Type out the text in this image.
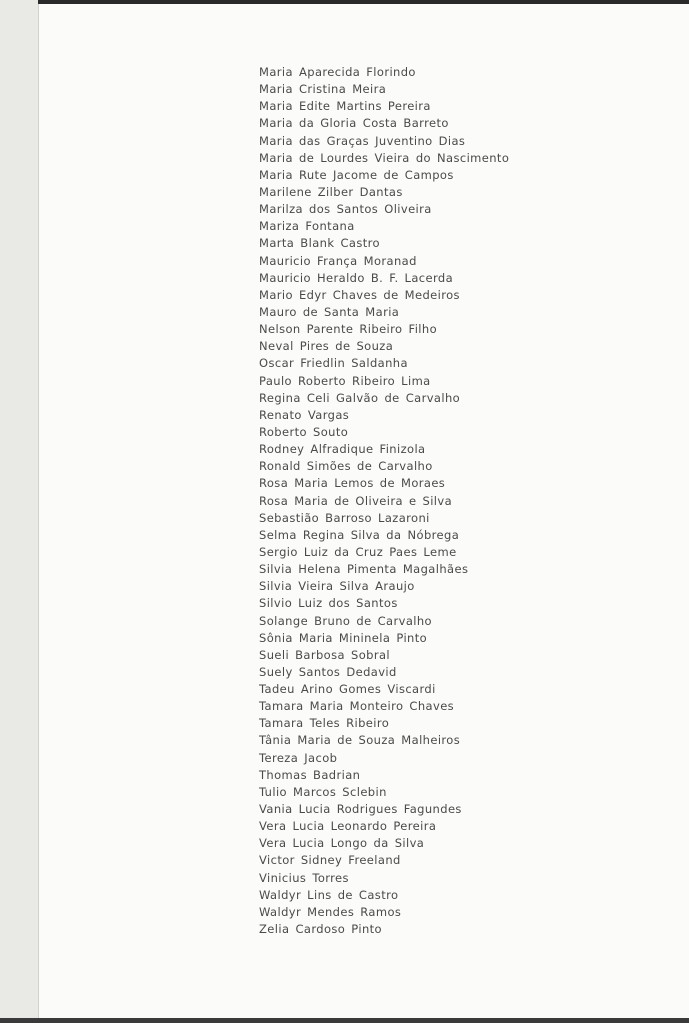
Maria Aparecida Florindo
Maria Cristina Meira
Maria Edite Martins Pereira
Maria da Gloria Costa Barreto
Maria das Graças Juventino Dias
Maria de Lourdes Vieira do Nascimento
Maria Rute Jacome de Campos
Marilene Zilber Dantas
Marilza dos Santos Oliveira
Mariza Fontana
Marta Blank Castro
Mauricio França Moranad
Mauricio Heraldo B. F. Lacerda
Mario Edyr Chaves de Medeiros
Mauro de Santa Maria
Nelson Parente Ribeiro Filho
Neval Pires de Souza
Oscar Friedlin Saldanha
Paulo Roberto Ribeiro Lima
Regina Celi Galvão de Carvalho
Renato Vargas
Roberto Souto
Rodney Alfradique Finizola
Ronald Simões de Carvalho
Rosa Maria Lemos de Moraes
Rosa Maria de Oliveira e Silva
Sebastião Barroso Lazaroni
Selma Regina Silva da Nóbrega
Sergio Luiz da Cruz Paes Leme
Silvia Helena Pimenta Magalhães
Silvia Vieira Silva Araujo
Silvio Luiz dos Santos
Solange Bruno de Carvalho
Sônia Maria Mininela Pinto
Sueli Barbosa Sobral
Suely Santos Dedavid
Tadeu Arino Gomes Viscardi
Tamara Maria Monteiro Chaves
Tamara Teles Ribeiro
Tânia Maria de Souza Malheiros
Tereza Jacob
Thomas Badrian
Tulio Marcos Sclebin
Vania Lucia Rodrigues Fagundes
Vera Lucia Leonardo Pereira
Vera Lucia Longo da Silva
Victor Sidney Freeland
Vinicius Torres
Waldyr Lins de Castro
Waldyr Mendes Ramos
Zelia Cardoso Pinto
